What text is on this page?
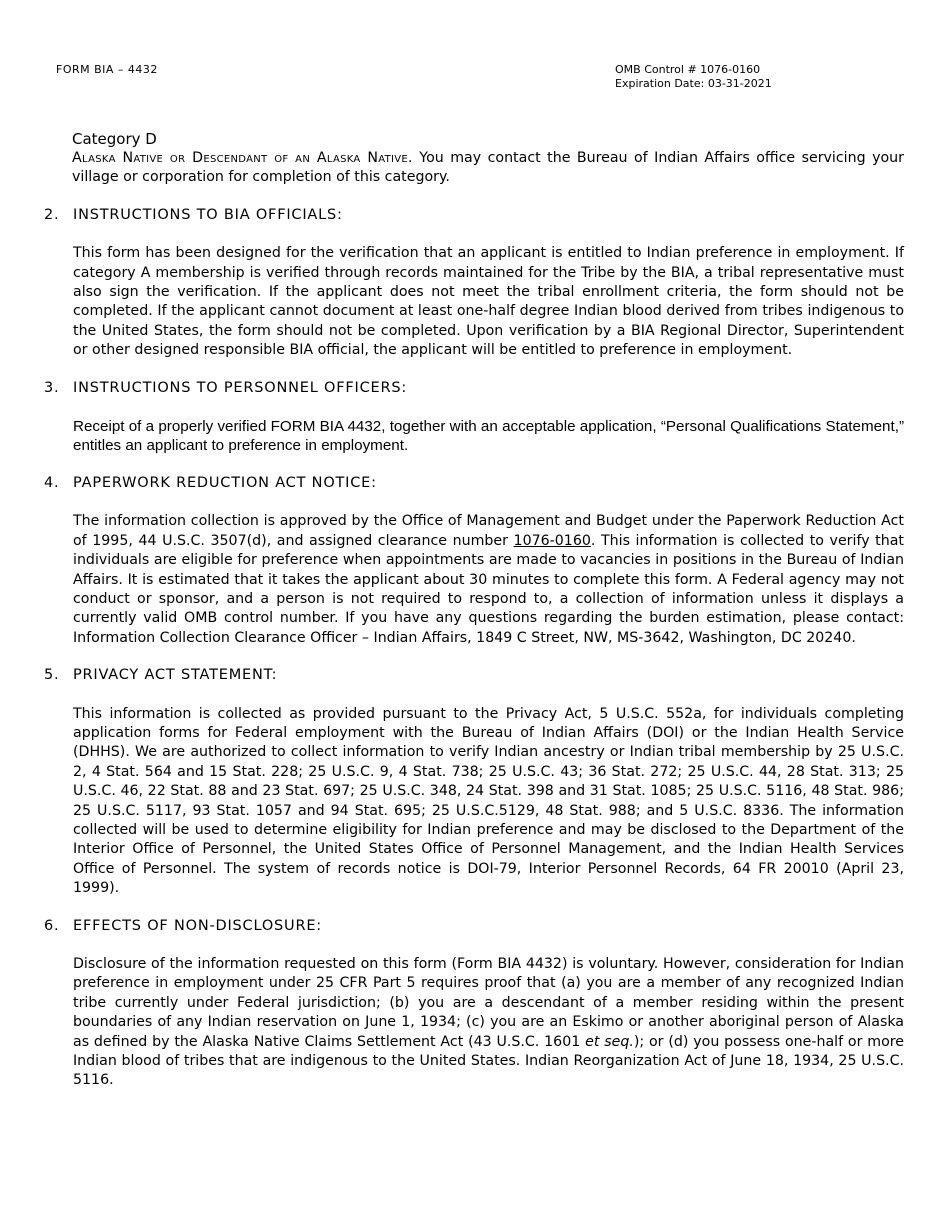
FORM BIA – 4432	OMB Control # 1076-0160
Expiration Date: 03-31-2021
Category D
Alaska Native or Descendant of an Alaska Native. You may contact the Bureau of Indian Affairs office servicing your village or corporation for completion of this category.
2. INSTRUCTIONS TO BIA OFFICIALS:
This form has been designed for the verification that an applicant is entitled to Indian preference in employment. If category A membership is verified through records maintained for the Tribe by the BIA, a tribal representative must also sign the verification. If the applicant does not meet the tribal enrollment criteria, the form should not be completed. If the applicant cannot document at least one-half degree Indian blood derived from tribes indigenous to the United States, the form should not be completed. Upon verification by a BIA Regional Director, Superintendent or other designed responsible BIA official, the applicant will be entitled to preference in employment.
3. INSTRUCTIONS TO PERSONNEL OFFICERS:
Receipt of a properly verified FORM BIA 4432, together with an acceptable application, “Personal Qualifications Statement,” entitles an applicant to preference in employment.
4. PAPERWORK REDUCTION ACT NOTICE:
The information collection is approved by the Office of Management and Budget under the Paperwork Reduction Act of 1995, 44 U.S.C. 3507(d), and assigned clearance number 1076-0160. This information is collected to verify that individuals are eligible for preference when appointments are made to vacancies in positions in the Bureau of Indian Affairs. It is estimated that it takes the applicant about 30 minutes to complete this form. A Federal agency may not conduct or sponsor, and a person is not required to respond to, a collection of information unless it displays a currently valid OMB control number. If you have any questions regarding the burden estimation, please contact: Information Collection Clearance Officer – Indian Affairs, 1849 C Street, NW, MS-3642, Washington, DC 20240.
5. PRIVACY ACT STATEMENT:
This information is collected as provided pursuant to the Privacy Act, 5 U.S.C. 552a, for individuals completing application forms for Federal employment with the Bureau of Indian Affairs (DOI) or the Indian Health Service (DHHS). We are authorized to collect information to verify Indian ancestry or Indian tribal membership by 25 U.S.C. 2, 4 Stat. 564 and 15 Stat. 228; 25 U.S.C. 9, 4 Stat. 738; 25 U.S.C. 43; 36 Stat. 272; 25 U.S.C. 44, 28 Stat. 313; 25 U.S.C. 46, 22 Stat. 88 and 23 Stat. 697; 25 U.S.C. 348, 24 Stat. 398 and 31 Stat. 1085; 25 U.S.C. 5116, 48 Stat. 986; 25 U.S.C. 5117, 93 Stat. 1057 and 94 Stat. 695; 25 U.S.C.5129, 48 Stat. 988; and 5 U.S.C. 8336. The information collected will be used to determine eligibility for Indian preference and may be disclosed to the Department of the Interior Office of Personnel, the United States Office of Personnel Management, and the Indian Health Services Office of Personnel. The system of records notice is DOI-79, Interior Personnel Records, 64 FR 20010 (April 23, 1999).
6. EFFECTS OF NON-DISCLOSURE:
Disclosure of the information requested on this form (Form BIA 4432) is voluntary. However, consideration for Indian preference in employment under 25 CFR Part 5 requires proof that (a) you are a member of any recognized Indian tribe currently under Federal jurisdiction; (b) you are a descendant of a member residing within the present boundaries of any Indian reservation on June 1, 1934; (c) you are an Eskimo or another aboriginal person of Alaska as defined by the Alaska Native Claims Settlement Act (43 U.S.C. 1601 et seq.); or (d) you possess one-half or more Indian blood of tribes that are indigenous to the United States. Indian Reorganization Act of June 18, 1934, 25 U.S.C. 5116.
